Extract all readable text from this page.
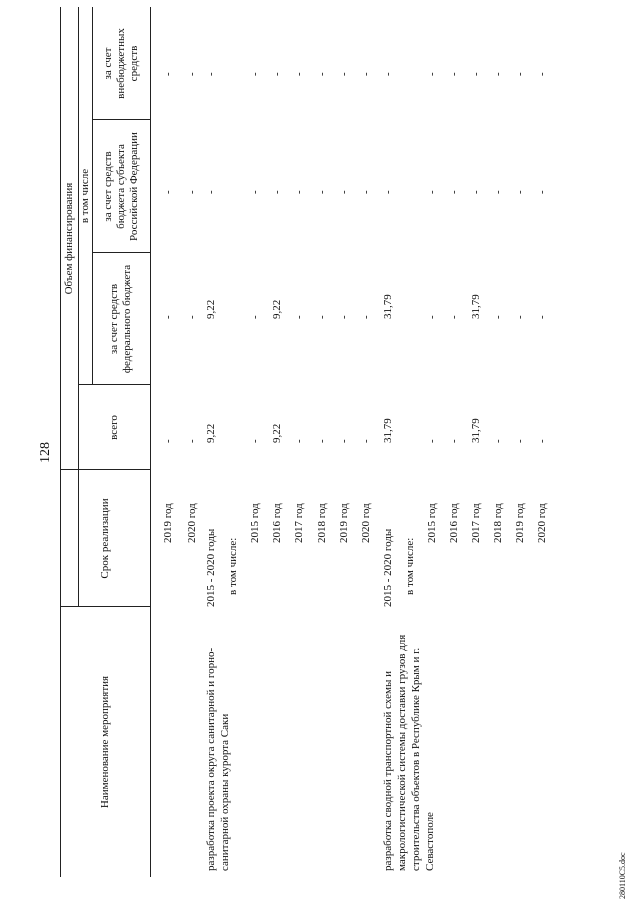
128
Наименование мероприятия
Срок реализации
Объем финансирования
всего
в том числе
за счет средств федерального бюджета
за счет средств бюджета субъекта Российской Федерации
за счет внебюджетных средств
2019 год
-
-
-
-
2020 год
-
-
-
-
разработка проекта округа санитарной и горно-санитарной охраны курорта Саки
2015 - 2020 годы
9,22
9,22
-
-
в том числе:
2015 год
-
-
-
-
2016 год
9,22
9,22
-
-
2017 год
-
-
-
-
2018 год
-
-
-
-
2019 год
-
-
-
-
2020 год
-
-
-
-
разработка сводной транспортной схемы и макрологистической системы доставки грузов для строительства объектов в Республике Крым и г. Севастополе
2015 - 2020 годы
31,79
31,79
-
-
в том числе:
2015 год
-
-
-
-
2016 год
-
-
-
-
2017 год
31,79
31,79
-
-
2018 год
-
-
-
-
2019 год
-
-
-
-
2020 год
-
-
-
-
280110C5.doc
